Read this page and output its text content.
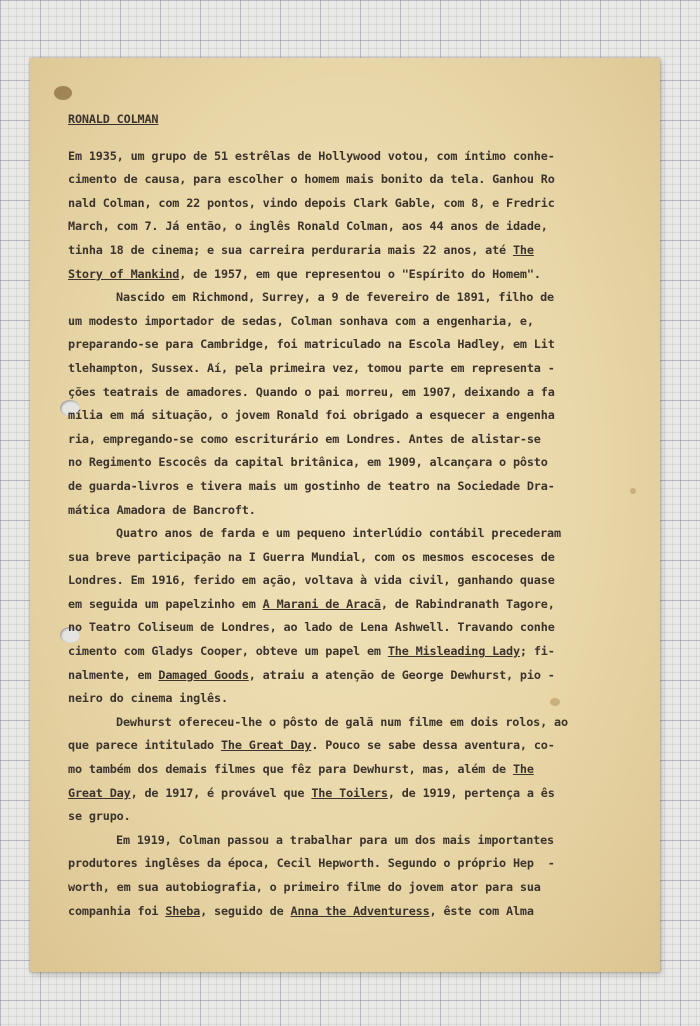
RONALD COLMAN
Em 1935, um grupo de 51 estrêlas de Hollywood votou, com íntimo conhe-
cimento de causa, para escolher o homem mais bonito da tela. Ganhou Ro
nald Colman, com 22 pontos, vindo depois Clark Gable, com 8, e Fredric
March, com 7. Já então, o inglês Ronald Colman, aos 44 anos de idade,
tinha 18 de cinema; e sua carreira perduraria mais 22 anos, até The
Story of Mankind, de 1957, em que representou o "Espírito do Homem".
Nascido em Richmond, Surrey, a 9 de fevereiro de 1891, filho de
um modesto importador de sedas, Colman sonhava com a engenharia, e,
preparando-se para Cambridge, foi matriculado na Escola Hadley, em Lit
tlehampton, Sussex. Aí, pela primeira vez, tomou parte em representa -
ções teatrais de amadores. Quando o pai morreu, em 1907, deixando a fa
mília em má situação, o jovem Ronald foi obrigado a esquecer a engenha
ria, empregando-se como escriturário em Londres. Antes de alistar-se
no Regimento Escocês da capital britânica, em 1909, alcançara o pôsto
de guarda-livros e tivera mais um gostinho de teatro na Sociedade Dra-
mática Amadora de Bancroft.
Quatro anos de farda e um pequeno interlúdio contábil precederam
sua breve participação na I Guerra Mundial, com os mesmos escoceses de
Londres. Em 1916, ferido em ação, voltava à vida civil, ganhando quase
em seguida um papelzinho em A Marani de Aracã, de Rabindranath Tagore,
no Teatro Coliseum de Londres, ao lado de Lena Ashwell. Travando conhe
cimento com Gladys Cooper, obteve um papel em The Misleading Lady; fi-
nalmente, em Damaged Goods, atraiu a atenção de George Dewhurst, pio -
neiro do cinema inglês.
Dewhurst ofereceu-lhe o pôsto de galã num filme em dois rolos, ao
que parece intitulado The Great Day. Pouco se sabe dessa aventura, co-
mo também dos demais filmes que fêz para Dewhurst, mas, além de The
Great Day, de 1917, é provável que The Toilers, de 1919, pertença a ês
se grupo.
Em 1919, Colman passou a trabalhar para um dos mais importantes
produtores inglêses da época, Cecil Hepworth. Segundo o próprio Hep  -
worth, em sua autobiografia, o primeiro filme do jovem ator para sua
companhia foi Sheba, seguido de Anna the Adventuress, êste com Alma
